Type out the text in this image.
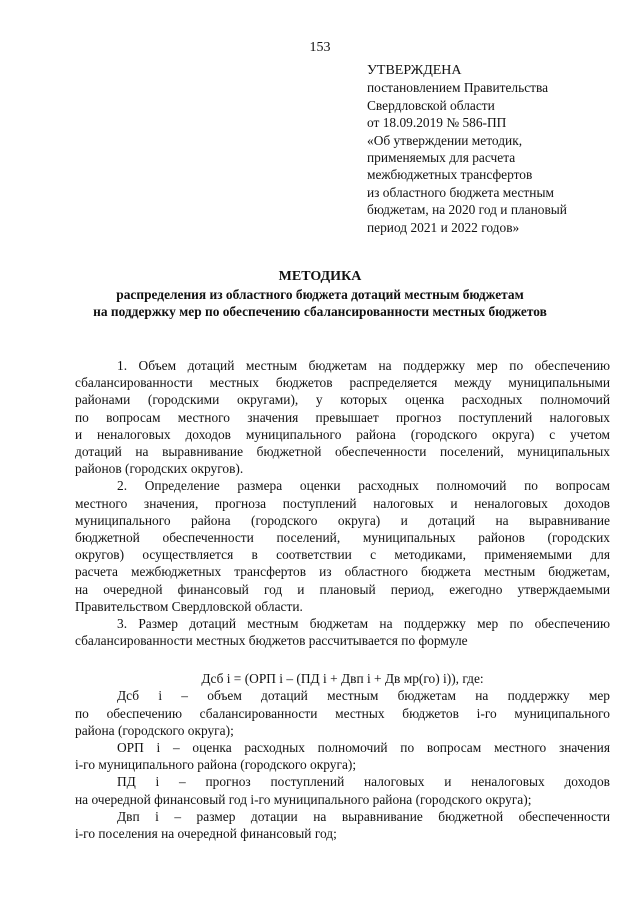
153
УТВЕРЖДЕНА
постановлением Правительства
Свердловской области
от 18.09.2019 № 586-ПП
«Об утверждении методик,
применяемых для расчета
межбюджетных трансфертов
из областного бюджета местным
бюджетам, на 2020 год и плановый
период 2021 и 2022 годов»
МЕТОДИКА
распределения из областного бюджета дотаций местным бюджетам
на поддержку мер по обеспечению сбалансированности местных бюджетов

1. Объем дотаций местным бюджетам на поддержку мер по обеспечению
сбалансированности местных бюджетов распределяется между муниципальными
районами (городскими округами), у которых оценка расходных полномочий
по вопросам местного значения превышает прогноз поступлений налоговых
и неналоговых доходов муниципального района (городского округа) с учетом
дотаций на выравнивание бюджетной обеспеченности поселений, муниципальных
районов (городских округов).

2. Определение размера оценки расходных полномочий по вопросам
местного значения, прогноза поступлений налоговых и неналоговых доходов
муниципального района (городского округа) и дотаций на выравнивание
бюджетной обеспеченности поселений, муниципальных районов (городских
округов) осуществляется в соответствии с методиками, применяемыми для
расчета межбюджетных трансфертов из областного бюджета местным бюджетам,
на очередной финансовый год и плановый период, ежегодно утверждаемыми
Правительством Свердловской области.

3. Размер дотаций местным бюджетам на поддержку мер по обеспечению
сбалансированности местных бюджетов рассчитывается по формуле

Дсб i = (ОРП i – (ПД i + Двп i + Дв мр(го) i)), где:

Дсб i – объем дотаций местным бюджетам на поддержку мер
по обеспечению сбалансированности местных бюджетов i-го муниципального
района (городского округа);

ОРП i – оценка расходных полномочий по вопросам местного значения
i-го муниципального района (городского округа);

ПД i – прогноз поступлений налоговых и неналоговых доходов
на очередной финансовый год i-го муниципального района (городского округа);

Двп i – размер дотации на выравнивание бюджетной обеспеченности
i-го поселения на очередной финансовый год;
